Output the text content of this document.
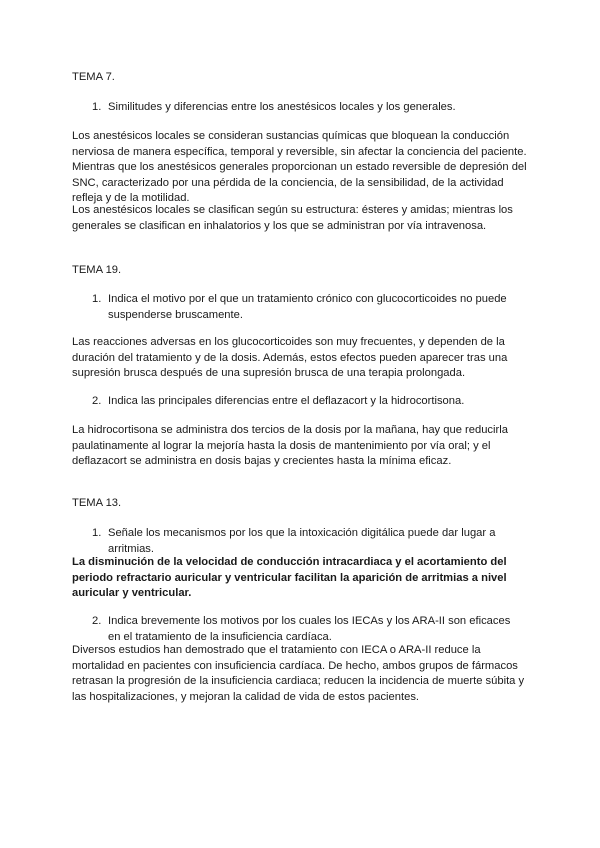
TEMA 7.

1. Similitudes y diferencias entre los anestésicos locales y los generales.

Los anestésicos locales se consideran sustancias químicas que bloquean la conducción nerviosa de manera específica, temporal y reversible, sin afectar la conciencia del paciente. Mientras que los anestésicos generales proporcionan un estado reversible de depresión del SNC, caracterizado por una pérdida de la conciencia, de la sensibilidad, de la actividad refleja y de la motilidad.

Los anestésicos locales se clasifican según su estructura: ésteres y amidas; mientras los generales se clasifican en inhalatorios y los que se administran por vía intravenosa.

TEMA 19.

1. Indica el motivo por el que un tratamiento crónico con glucocorticoides no puede suspenderse bruscamente.

Las reacciones adversas en los glucocorticoides son muy frecuentes, y dependen de la duración del tratamiento y de la dosis. Además, estos efectos pueden aparecer tras una supresión brusca después de una supresión brusca de una terapia prolongada.

2. Indica las principales diferencias entre el deflazacort y la hidrocortisona.

La hidrocortisona se administra dos tercios de la dosis por la mañana, hay que reducirla paulatinamente al lograr la mejoría hasta la dosis de mantenimiento por vía oral; y el deflazacort se administra en dosis bajas y crecientes hasta la mínima eficaz.

TEMA 13.

1. Señale los mecanismos por los que la intoxicación digitálica puede dar lugar a arritmias.

La disminución de la velocidad de conducción intracardiaca y el acortamiento del periodo refractario auricular y ventricular facilitan la aparición de arritmias a nivel auricular y ventricular.

2. Indica brevemente los motivos por los cuales los IECAs y los ARA-II son eficaces en el tratamiento de la insuficiencia cardíaca.

Diversos estudios han demostrado que el tratamiento con IECA o ARA-II reduce la mortalidad en pacientes con insuficiencia cardíaca. De hecho, ambos grupos de fármacos retrasan la progresión de la insuficiencia cardiaca; reducen la incidencia de muerte súbita y las hospitalizaciones, y mejoran la calidad de vida de estos pacientes.
